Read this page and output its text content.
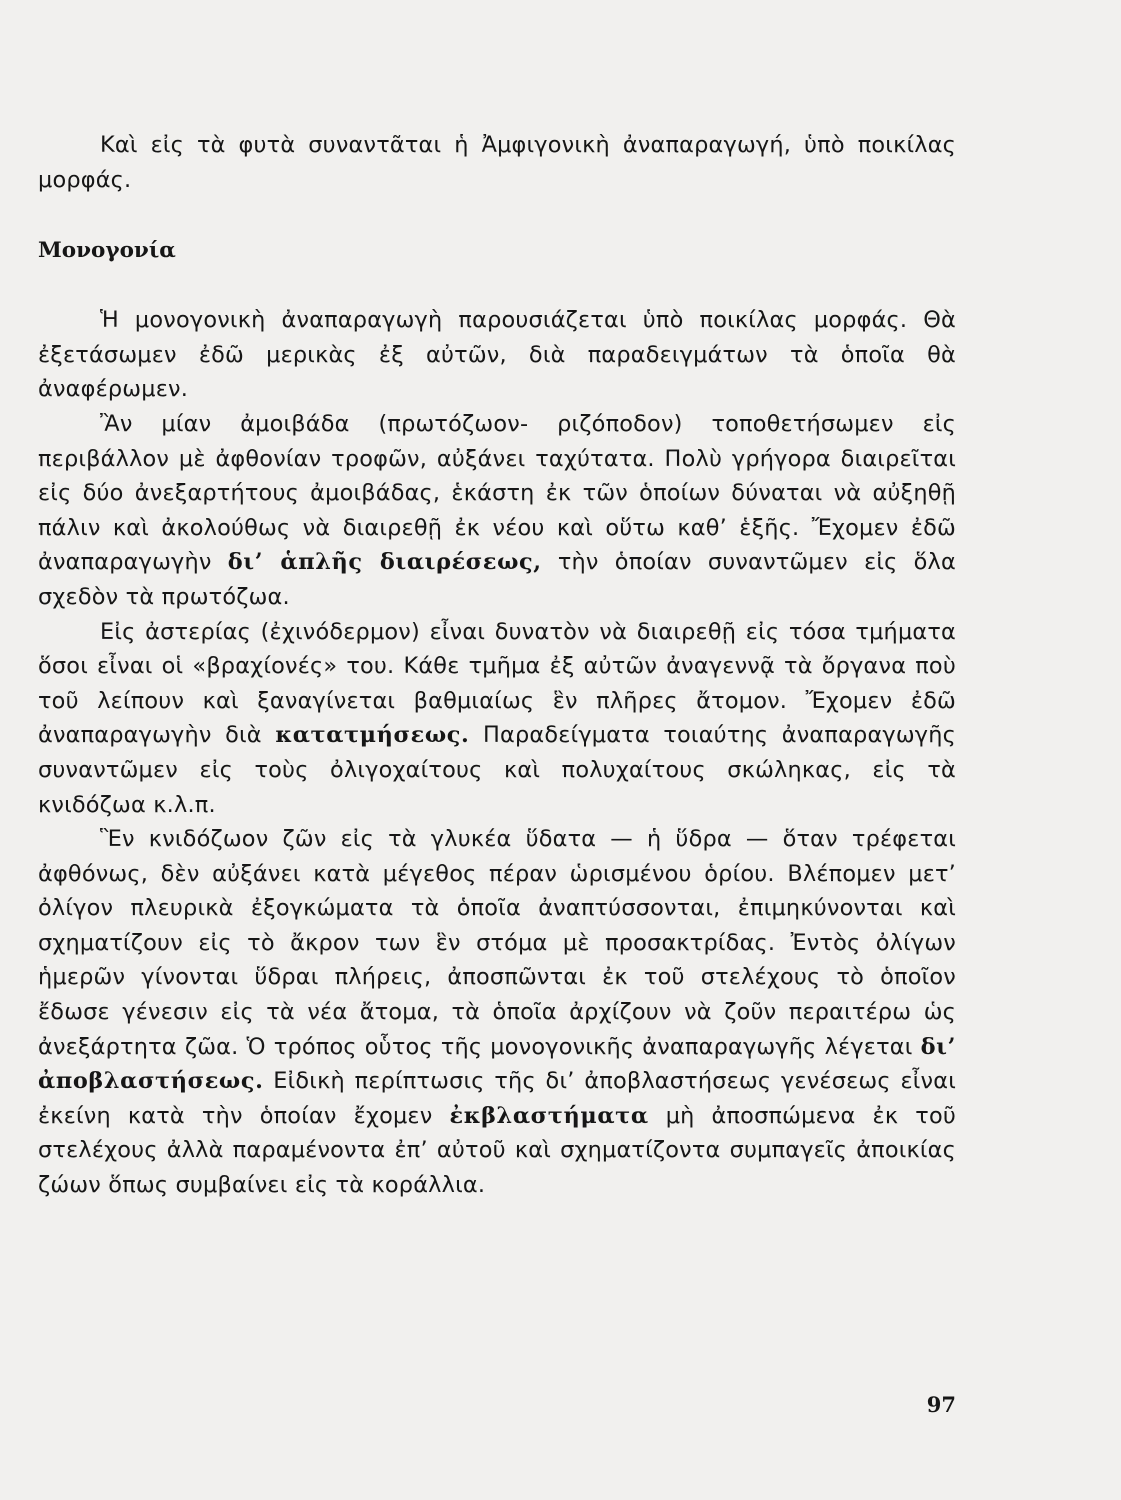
Καὶ εἰς τὰ φυτὰ συναντᾶται ἡ Ἀμφιγονικὴ ἀναπαραγωγή, ὑπὸ ποικίλας μορφάς.

Μονογονία

Ἡ μονογονικὴ ἀναπαραγωγὴ παρουσιάζεται ὑπὸ ποικίλας μορφάς. Θὰ ἐξετάσωμεν ἐδῶ μερικὰς ἐξ αὐτῶν, διὰ παραδειγμάτων τὰ ὁποῖα θὰ ἀναφέρωμεν.

Ἂν μίαν ἀμοιβάδα (πρωτόζωον- ριζόποδον) τοποθετήσωμεν εἰς περιβάλλον μὲ ἀφθονίαν τροφῶν, αὐξάνει ταχύτατα. Πολὺ γρήγορα διαιρεῖται εἰς δύο ἀνεξαρτήτους ἀμοιβάδας, ἑκάστη ἐκ τῶν ὁποίων δύναται νὰ αὐξηθῇ πάλιν καὶ ἀκολούθως νὰ διαιρεθῇ ἐκ νέου καὶ οὕτω καθ’ ἑξῆς. Ἔχομεν ἐδῶ ἀναπαραγωγὴν δι’ ἁπλῆς διαιρέσεως, τὴν ὁποίαν συναντῶμεν εἰς ὅλα σχεδὸν τὰ πρωτόζωα.

Εἰς ἀστερίας (ἐχινόδερμον) εἶναι δυνατὸν νὰ διαιρεθῇ εἰς τόσα τμήματα ὅσοι εἶναι οἱ «βραχίονές» του. Κάθε τμῆμα ἐξ αὐτῶν ἀναγεννᾷ τὰ ὄργανα ποὺ τοῦ λείπουν καὶ ξαναγίνεται βαθμιαίως ἓν πλῆρες ἄτομον. Ἔχομεν ἐδῶ ἀναπαραγωγὴν διὰ κατατμήσεως. Παραδείγματα τοιαύτης ἀναπαραγωγῆς συναντῶμεν εἰς τοὺς ὀλιγοχαίτους καὶ πολυχαίτους σκώληκας, εἰς τὰ κνιδόζωα κ.λ.π.

Ἓν κνιδόζωον ζῶν εἰς τὰ γλυκέα ὕδατα — ἡ ὕδρα — ὅταν τρέφεται ἀφθόνως, δὲν αὐξάνει κατὰ μέγεθος πέραν ὡρισμένου ὁρίου. Βλέπομεν μετ’ ὀλίγον πλευρικὰ ἐξογκώματα τὰ ὁποῖα ἀναπτύσσονται, ἐπιμηκύνονται καὶ σχηματίζουν εἰς τὸ ἄκρον των ἓν στόμα μὲ προσακτρίδας. Ἐντὸς ὀλίγων ἡμερῶν γίνονται ὕδραι πλήρεις, ἀποσπῶνται ἐκ τοῦ στελέχους τὸ ὁποῖον ἔδωσε γένεσιν εἰς τὰ νέα ἄτομα, τὰ ὁποῖα ἀρχίζουν νὰ ζοῦν περαιτέρω ὡς ἀνεξάρτητα ζῶα. Ὁ τρόπος οὗτος τῆς μονογονικῆς ἀναπαραγωγῆς λέγεται δι’ ἀποβλαστήσεως. Εἰδικὴ περίπτωσις τῆς δι’ ἀποβλαστήσεως γενέσεως εἶναι ἐκείνη κατὰ τὴν ὁποίαν ἔχομεν ἐκβλαστήματα μὴ ἀποσπώμενα ἐκ τοῦ στελέχους ἀλλὰ παραμένοντα ἐπ’ αὐτοῦ καὶ σχηματίζοντα συμπαγεῖς ἀποικίας ζώων ὅπως συμβαίνει εἰς τὰ κοράλλια.

97
